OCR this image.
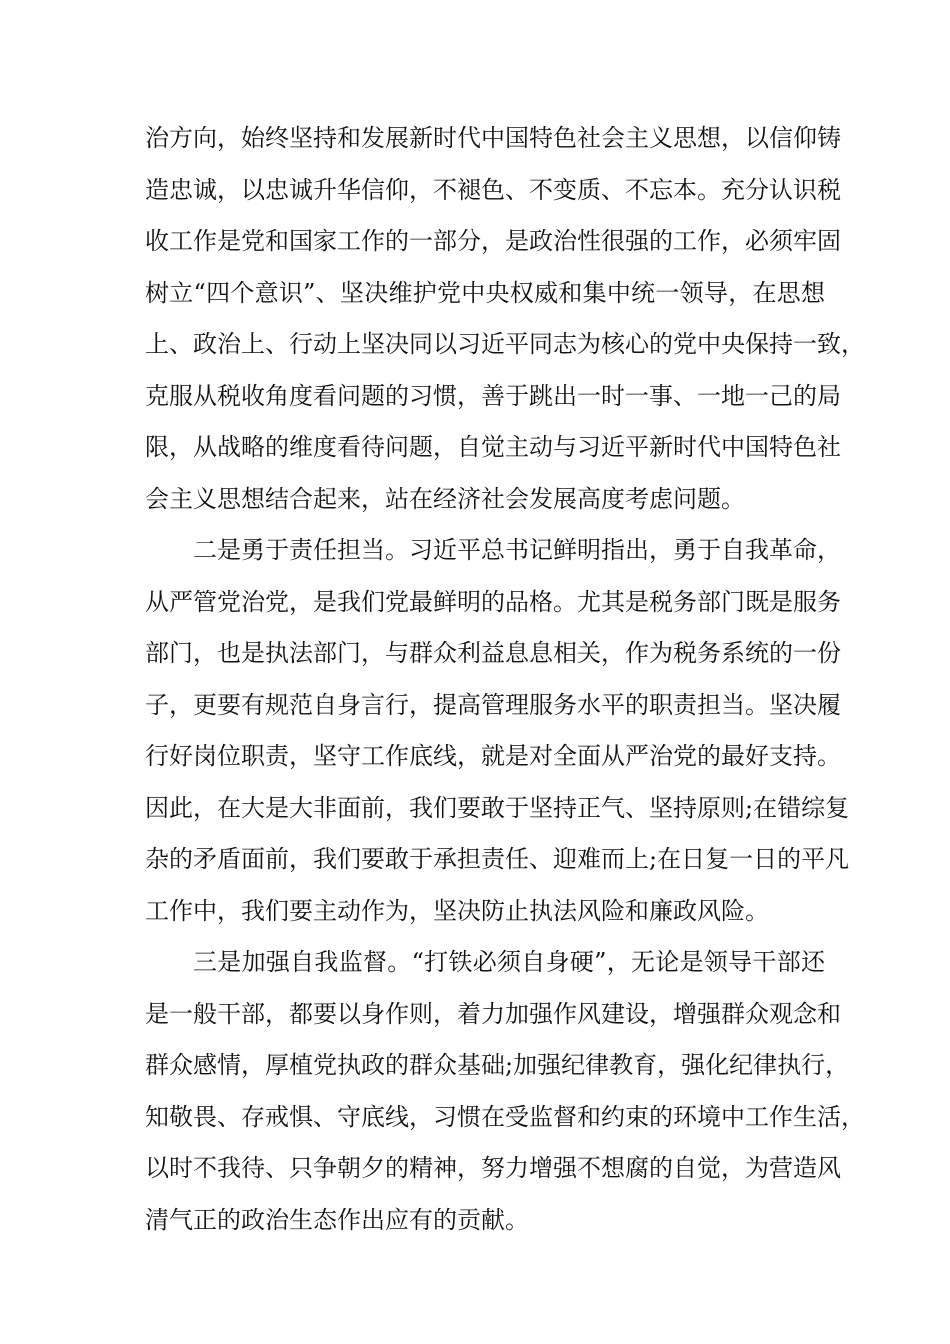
治方向，始终坚持和发展新时代中国特色社会主义思想，以信仰铸
造忠诚，以忠诚升华信仰，不褪色、不变质、不忘本。充分认识税
收工作是党和国家工作的一部分，是政治性很强的工作，必须牢固
树立“四个意识”、坚决维护党中央权威和集中统一领导，在思想
上、政治上、行动上坚决同以习近平同志为核心的党中央保持一致，
克服从税收角度看问题的习惯，善于跳出一时一事、一地一己的局
限，从战略的维度看待问题，自觉主动与习近平新时代中国特色社
会主义思想结合起来，站在经济社会发展高度考虑问题。
二是勇于责任担当。习近平总书记鲜明指出，勇于自我革命，
从严管党治党，是我们党最鲜明的品格。尤其是税务部门既是服务
部门，也是执法部门，与群众利益息息相关，作为税务系统的一份
子，更要有规范自身言行，提高管理服务水平的职责担当。坚决履
行好岗位职责，坚守工作底线，就是对全面从严治党的最好支持。
因此，在大是大非面前，我们要敢于坚持正气、坚持原则;在错综复
杂的矛盾面前，我们要敢于承担责任、迎难而上;在日复一日的平凡
工作中，我们要主动作为，坚决防止执法风险和廉政风险。
三是加强自我监督。“打铁必须自身硬”，无论是领导干部还
是一般干部，都要以身作则，着力加强作风建设，增强群众观念和
群众感情，厚植党执政的群众基础;加强纪律教育，强化纪律执行，
知敬畏、存戒惧、守底线，习惯在受监督和约束的环境中工作生活，
以时不我待、只争朝夕的精神，努力增强不想腐的自觉，为营造风
清气正的政治生态作出应有的贡献。
